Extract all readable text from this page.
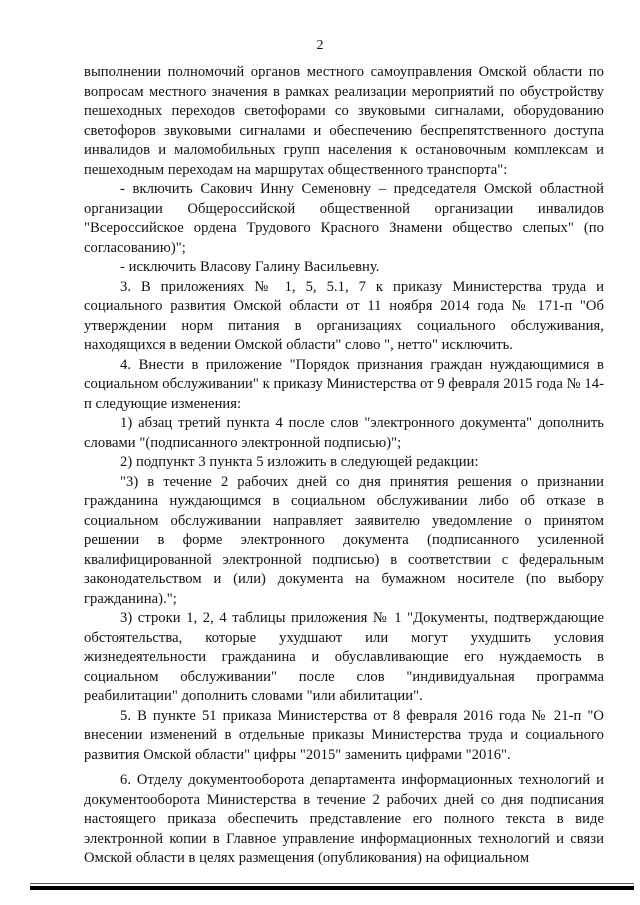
2

выполнении полномочий органов местного самоуправления Омской области по вопросам местного значения в рамках реализации мероприятий по обустройству пешеходных переходов светофорами со звуковыми сигналами, оборудованию светофоров звуковыми сигналами и обеспечению беспрепятственного доступа инвалидов и маломобильных групп населения к остановочным комплексам и пешеходным переходам на маршрутах общественного транспорта":

- включить Сакович Инну Семеновну – председателя Омской областной организации Общероссийской общественной организации инвалидов "Всероссийское ордена Трудового Красного Знамени общество слепых" (по согласованию)";

- исключить Власову Галину Васильевну.

3. В приложениях № 1, 5, 5.1, 7 к приказу Министерства труда и социального развития Омской области от 11 ноября 2014 года № 171-п "Об утверждении норм питания в организациях социального обслуживания, находящихся в ведении Омской области" слово ", нетто" исключить.

4. Внести в приложение "Порядок признания граждан нуждающимися в социальном обслуживании" к приказу Министерства от 9 февраля 2015 года № 14-п следующие изменения:

1) абзац третий пункта 4 после слов "электронного документа" дополнить словами "(подписанного электронной подписью)";

2) подпункт 3 пункта 5 изложить в следующей редакции:

"3) в течение 2 рабочих дней со дня принятия решения о признании гражданина нуждающимся в социальном обслуживании либо об отказе в социальном обслуживании направляет заявителю уведомление о принятом решении в форме электронного документа (подписанного усиленной квалифицированной электронной подписью) в соответствии с федеральным законодательством и (или) документа на бумажном носителе (по выбору гражданина).";

3) строки 1, 2, 4 таблицы приложения № 1 "Документы, подтверждающие обстоятельства, которые ухудшают или могут ухудшить условия жизнедеятельности гражданина и обуславливающие его нуждаемость в социальном обслуживании" после слов "индивидуальная программа реабилитации" дополнить словами "или абилитации".

5. В пункте 51 приказа Министерства от 8 февраля 2016 года № 21-п "О внесении изменений в отдельные приказы Министерства труда и социального развития Омской области" цифры "2015" заменить цифрами "2016".

6. Отделу документооборота департамента информационных технологий и документооборота Министерства в течение 2 рабочих дней со дня подписания настоящего приказа обеспечить представление его полного текста в виде электронной копии в Главное управление информационных технологий и связи Омской области в целях размещения (опубликования) на официальном
